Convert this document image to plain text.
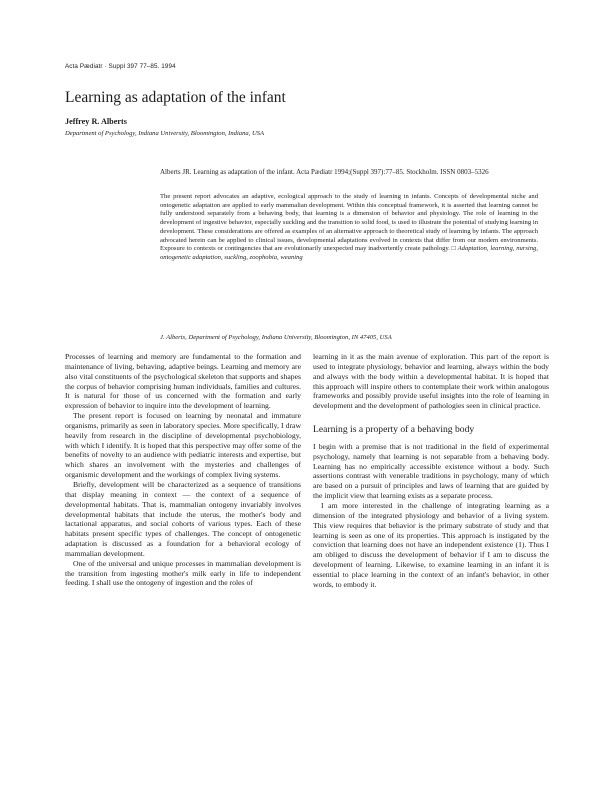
Acta Pædiatr · Suppl 397 77–85. 1994
Learning as adaptation of the infant
Jeffrey R. Alberts
Department of Psychology, Indiana University, Bloomington, Indiana, USA
Alberts JR. Learning as adaptation of the infant. Acta Pædiatr 1994;(Suppl 397):77–85. Stockholm. ISSN 0803–5326

The present report advocates an adaptive, ecological approach to the study of learning in infants. Concepts of developmental niche and ontogenetic adaptation are applied to early mammalian development. Within this conceptual framework, it is asserted that learning cannot be fully understood separately from a behaving body, that learning is a dimension of behavior and physiology. The role of learning in the development of ingestive behavior, especially suckling and the transition to solid food, is used to illustrate the potential of studying learning in development. These considerations are offered as examples of an alternative approach to theoretical study of learning by infants. The approach advocated herein can be applied to clinical issues, developmental adaptations evolved in contexts that differ from our modern environments. Exposure to contexts or contingencies that are evolutionarily unexpected may inadvertently create pathology. □ Adaptation, learning, nursing, ontogenetic adaptation, suckling, zoophobia, weaning

J. Alberts, Department of Psychology, Indiana University, Bloomington, IN 47405, USA

Processes of learning and memory are fundamental to the formation and maintenance of living, behaving, adaptive beings. Learning and memory are also vital constituents of the psychological skeleton that supports and shapes the corpus of behavior comprising human individuals, families and cultures. It is natural for those of us concerned with the formation and early expression of behavior to inquire into the development of learning.

The present report is focused on learning by neonatal and immature organisms, primarily as seen in laboratory species. More specifically, I draw heavily from research in the discipline of developmental psychobiology, with which I identify. It is hoped that this perspective may offer some of the benefits of novelty to an audience with pediatric interests and expertise, but which shares an involvement with the mysteries and challenges of organismic development and the workings of complex living systems.

Briefly, development will be characterized as a sequence of transitions that display meaning in context — the context of a sequence of developmental habitats. That is, mammalian ontogeny invariably involves developmental habitats that include the uterus, the mother's body and lactational apparatus, and social cohorts of various types. Each of these habitats present specific types of challenges. The concept of ontogenetic adaptation is discussed as a foundation for a behavioral ecology of mammalian development.

One of the universal and unique processes in mammalian development is the transition from ingesting mother's milk early in life to independent feeding. I shall use the ontogeny of ingestion and the roles of

learning in it as the main avenue of exploration. This part of the report is used to integrate physiology, behavior and learning, always within the body and always with the body within a developmental habitat. It is hoped that this approach will inspire others to contemplate their work within analogous frameworks and possibly provide useful insights into the role of learning in development and the development of pathologies seen in clinical practice.

Learning is a property of a behaving body

I begin with a premise that is not traditional in the field of experimental psychology, namely that learning is not separable from a behaving body. Learning has no empirically accessible existence without a body. Such assertions contrast with venerable traditions in psychology, many of which are based on a pursuit of principles and laws of learning that are guided by the implicit view that learning exists as a separate process.

I am more interested in the challenge of integrating learning as a dimension of the integrated physiology and behavior of a living system. This view requires that behavior is the primary substrate of study and that learning is seen as one of its properties. This approach is instigated by the conviction that learning does not have an independent existence (1). Thus I am obliged to discuss the development of behavior if I am to discuss the development of learning. Likewise, to examine learning in an infant it is essential to place learning in the context of an infant's behavior, in other words, to embody it.
